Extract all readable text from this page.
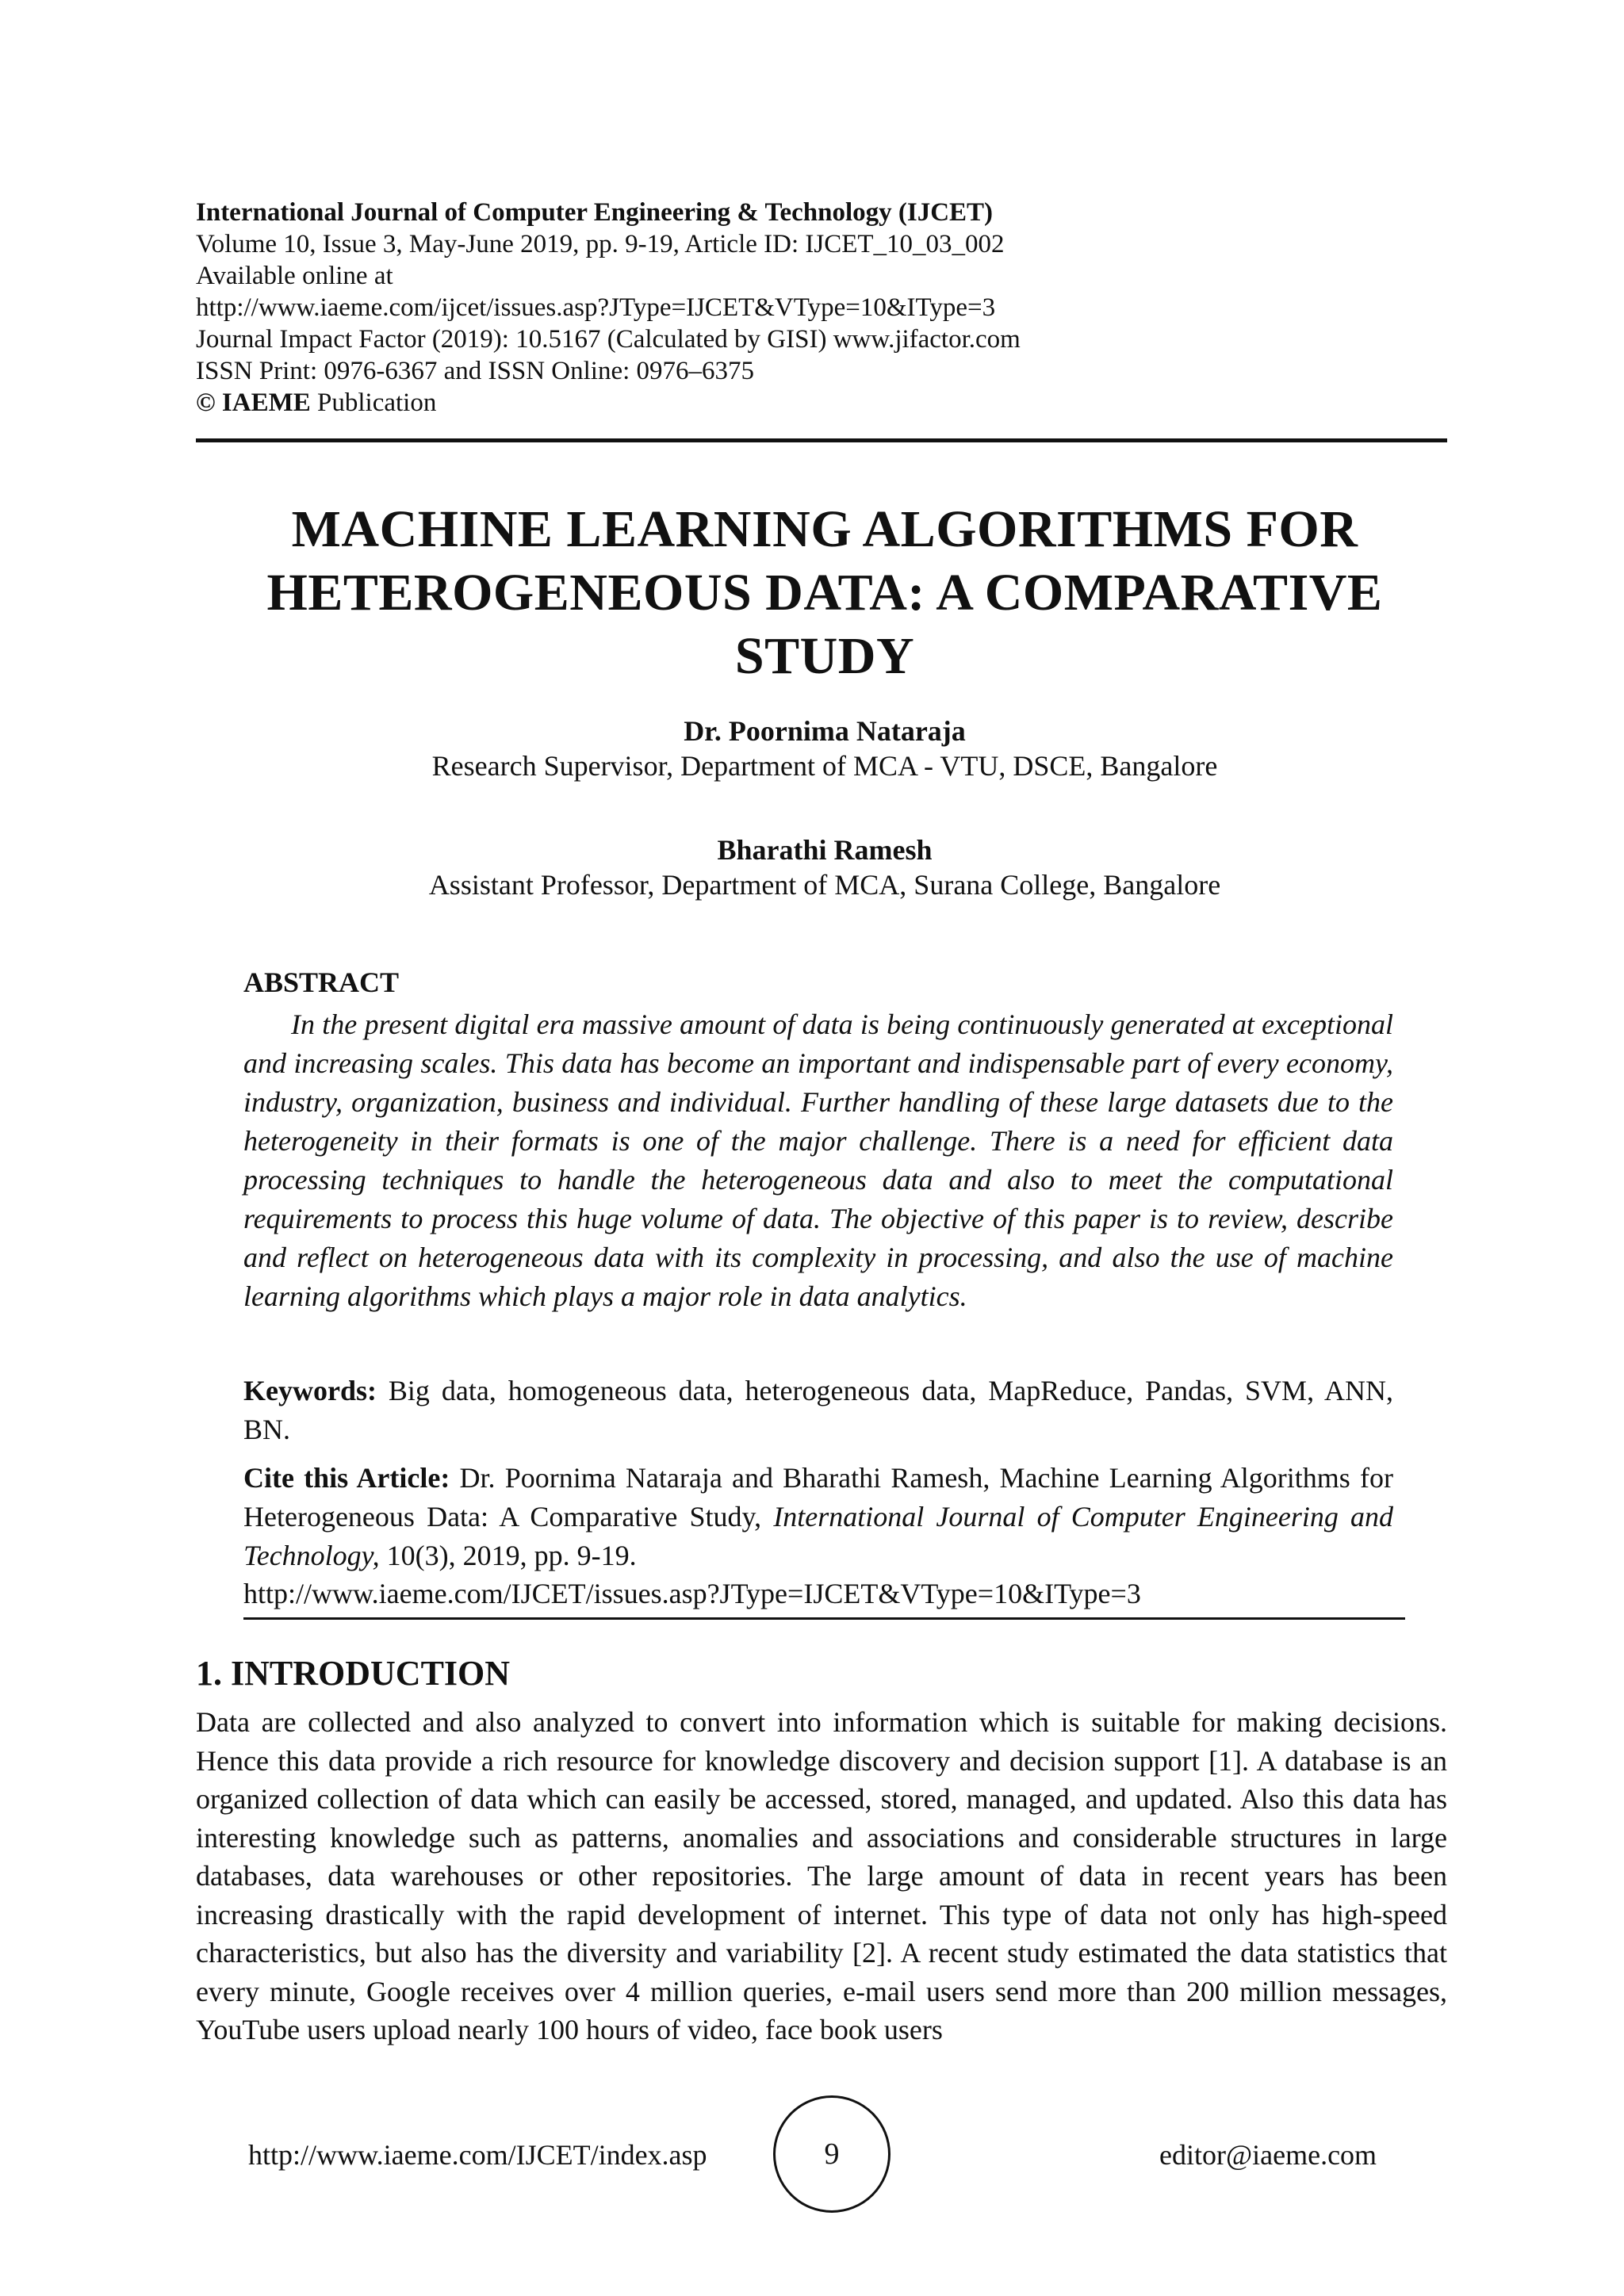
International Journal of Computer Engineering & Technology (IJCET)
Volume 10, Issue 3, May-June 2019, pp. 9-19, Article ID: IJCET_10_03_002
Available online at
http://www.iaeme.com/ijcet/issues.asp?JType=IJCET&VType=10&IType=3
Journal Impact Factor (2019): 10.5167 (Calculated by GISI) www.jifactor.com
ISSN Print: 0976-6367 and ISSN Online: 0976–6375
© IAEME Publication
MACHINE LEARNING ALGORITHMS FOR
HETEROGENEOUS DATA: A COMPARATIVE
STUDY
Dr. Poornima Nataraja
Research Supervisor, Department of MCA - VTU, DSCE, Bangalore
Bharathi Ramesh
Assistant Professor, Department of MCA, Surana College, Bangalore
ABSTRACT

In the present digital era massive amount of data is being continuously generated at exceptional and increasing scales. This data has become an important and indispensable part of every economy, industry, organization, business and individual. Further handling of these large datasets due to the heterogeneity in their formats is one of the major challenge. There is a need for efficient data processing techniques to handle the heterogeneous data and also to meet the computational requirements to process this huge volume of data. The objective of this paper is to review, describe and reflect on heterogeneous data with its complexity in processing, and also the use of machine learning algorithms which plays a major role in data analytics.

Keywords: Big data, homogeneous data, heterogeneous data, MapReduce, Pandas, SVM, ANN, BN.

Cite this Article: Dr. Poornima Nataraja and Bharathi Ramesh, Machine Learning Algorithms for Heterogeneous Data: A Comparative Study, International Journal of Computer Engineering and Technology, 10(3), 2019, pp. 9-19.

http://www.iaeme.com/IJCET/issues.asp?JType=IJCET&VType=10&IType=3
1. INTRODUCTION

Data are collected and also analyzed to convert into information which is suitable for making decisions. Hence this data provide a rich resource for knowledge discovery and decision support [1]. A database is an organized collection of data which can easily be accessed, stored, managed, and updated. Also this data has interesting knowledge such as patterns, anomalies and associations and considerable structures in large databases, data warehouses or other repositories. The large amount of data in recent years has been increasing drastically with the rapid development of internet. This type of data not only has high-speed characteristics, but also has the diversity and variability [2]. A recent study estimated the data statistics that every minute, Google receives over 4 million queries, e-mail users send more than 200 million messages, YouTube users upload nearly 100 hours of video, face book users

http://www.iaeme.com/IJCET/index.asp	9	editor@iaeme.com
